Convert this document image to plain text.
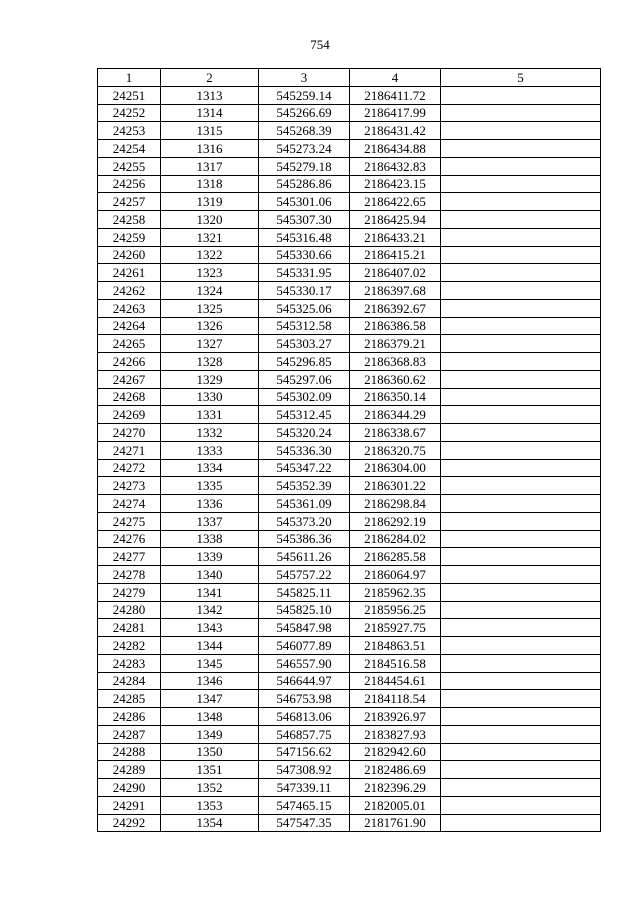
754
1	2	3	4	5
24251	1313	545259.14	2186411.72	
24252	1314	545266.69	2186417.99	
24253	1315	545268.39	2186431.42	
24254	1316	545273.24	2186434.88	
24255	1317	545279.18	2186432.83	
24256	1318	545286.86	2186423.15	
24257	1319	545301.06	2186422.65	
24258	1320	545307.30	2186425.94	
24259	1321	545316.48	2186433.21	
24260	1322	545330.66	2186415.21	
24261	1323	545331.95	2186407.02	
24262	1324	545330.17	2186397.68	
24263	1325	545325.06	2186392.67	
24264	1326	545312.58	2186386.58	
24265	1327	545303.27	2186379.21	
24266	1328	545296.85	2186368.83	
24267	1329	545297.06	2186360.62	
24268	1330	545302.09	2186350.14	
24269	1331	545312.45	2186344.29	
24270	1332	545320.24	2186338.67	
24271	1333	545336.30	2186320.75	
24272	1334	545347.22	2186304.00	
24273	1335	545352.39	2186301.22	
24274	1336	545361.09	2186298.84	
24275	1337	545373.20	2186292.19	
24276	1338	545386.36	2186284.02	
24277	1339	545611.26	2186285.58	
24278	1340	545757.22	2186064.97	
24279	1341	545825.11	2185962.35	
24280	1342	545825.10	2185956.25	
24281	1343	545847.98	2185927.75	
24282	1344	546077.89	2184863.51	
24283	1345	546557.90	2184516.58	
24284	1346	546644.97	2184454.61	
24285	1347	546753.98	2184118.54	
24286	1348	546813.06	2183926.97	
24287	1349	546857.75	2183827.93	
24288	1350	547156.62	2182942.60	
24289	1351	547308.92	2182486.69	
24290	1352	547339.11	2182396.29	
24291	1353	547465.15	2182005.01	
24292	1354	547547.35	2181761.90	
